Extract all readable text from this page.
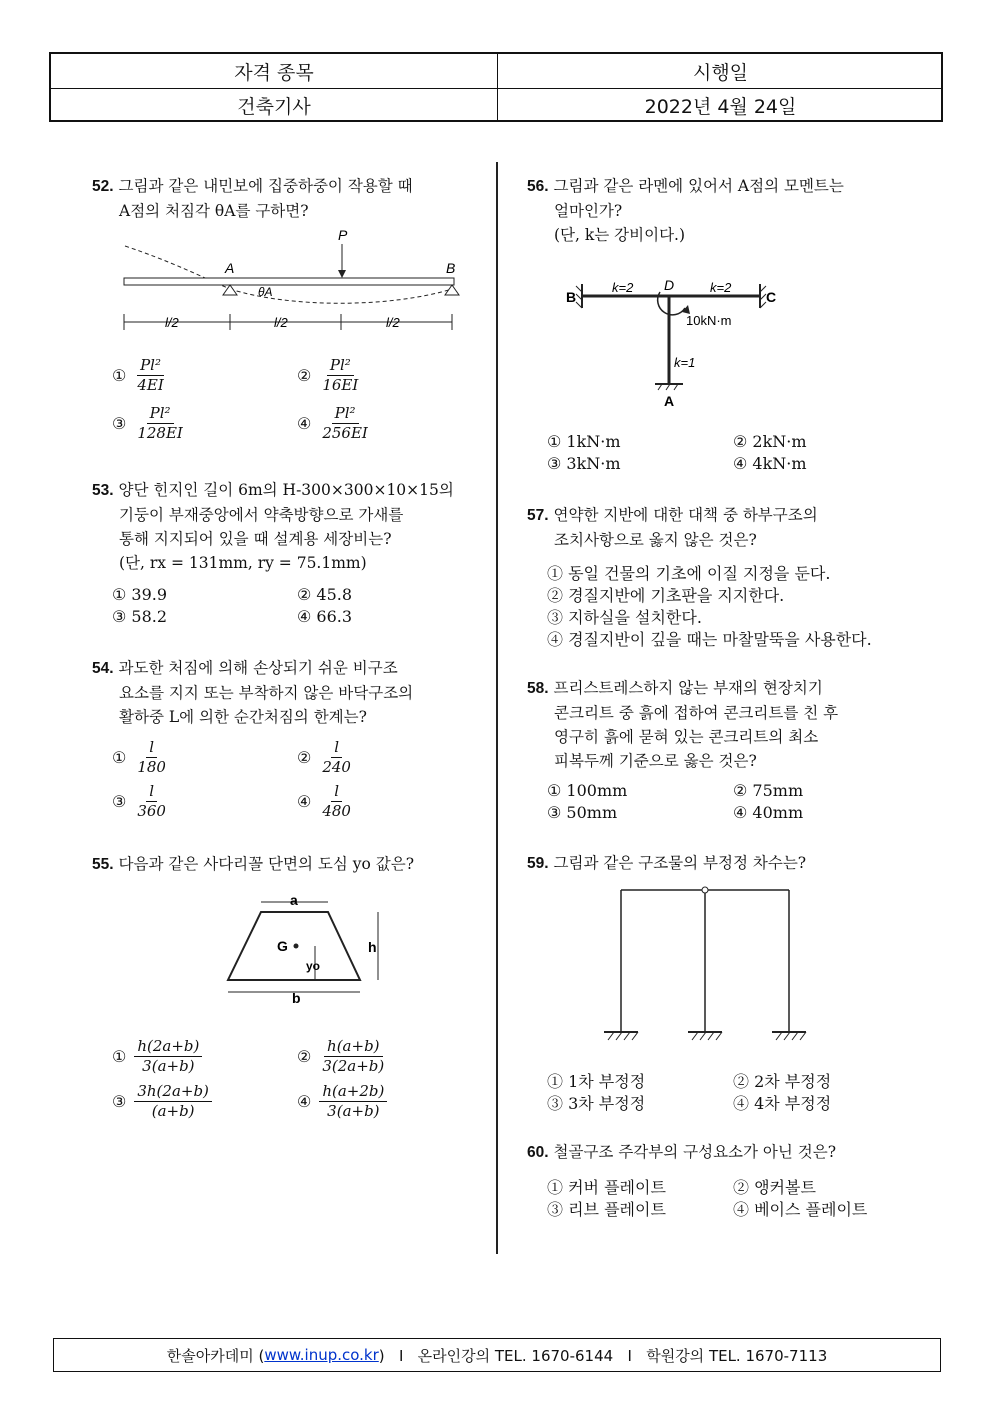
자격 종목	시행일
건축기사	2022년 4월 24일
52. 그림과 같은 내민보에 집중하중이 작용할 때
A점의 처짐각 θA를 구하면?
P
A	B
θA
l/2	l/2	l/2
① $\frac{\text{Pl²}}{4EI}$	② $\frac{\text{Pl²}}{16EI}$
③ $\frac{\text{Pl²}}{128EI}$	④ $\frac{\text{Pl²}}{256EI}$
53. 양단 힌지인 길이 6m의 H-300×300×10×15의
기둥이 부재중앙에서 약축방향으로 가새를
통해 지지되어 있을 때 설계용 세장비는?
(단, rx = 131mm, ry = 75.1mm)
① 39.9	② 45.8
③ 58.2	④ 66.3
54. 과도한 처짐에 의해 손상되기 쉬운 비구조
요소를 지지 또는 부착하지 않은 바닥구조의
활하중 L에 의한 순간처짐의 한계는?
① $\frac{l}{180}$	② $\frac{l}{240}$
③ $\frac{l}{360}$	④ $\frac{l}{480}$
55. 다음과 같은 사다리꼴 단면의 도심 yo 값은?
a
b
h
G
yo
① $\frac{h(2a+b)}{3(a+b)}$	② $\frac{h(a+b)}{3(2a+b)}$
③ $\frac{3h(2a+b)}{(a+b)}$	④ $\frac{h(a+2b)}{3(a+b)}$
56. 그림과 같은 라멘에 있어서 A점의 모멘트는
얼마인가?
(단, k는 강비이다.)
B	C
D
A
k=2	k=2
k=1
10kN·m
① 1kN·m	② 2kN·m
③ 3kN·m	④ 4kN·m
57. 연약한 지반에 대한 대책 중 하부구조의
조치사항으로 옳지 않은 것은?
① 동일 건물의 기초에 이질 지정을 둔다.
② 경질지반에 기초판을 지지한다.
③ 지하실을 설치한다.
④ 경질지반이 깊을 때는 마찰말뚝을 사용한다.
58. 프리스트레스하지 않는 부재의 현장치기
콘크리트 중 흙에 접하여 콘크리트를 친 후
영구히 흙에 묻혀 있는 콘크리트의 최소
피복두께 기준으로 옳은 것은?
① 100mm	② 75mm
③ 50mm	④ 40mm
59. 그림과 같은 구조물의 부정정 차수는?
① 1차 부정정	② 2차 부정정
③ 3차 부정정	④ 4차 부정정
60. 철골구조 주각부의 구성요소가 아닌 것은?
① 커버 플레이트	② 앵커볼트
③ 리브 플레이트	④ 베이스 플레이트
한솔아카데미 ( www.inup.co.kr )   I   온라인강의 TEL. 1670-6144   I   학원강의 TEL. 1670-7113
